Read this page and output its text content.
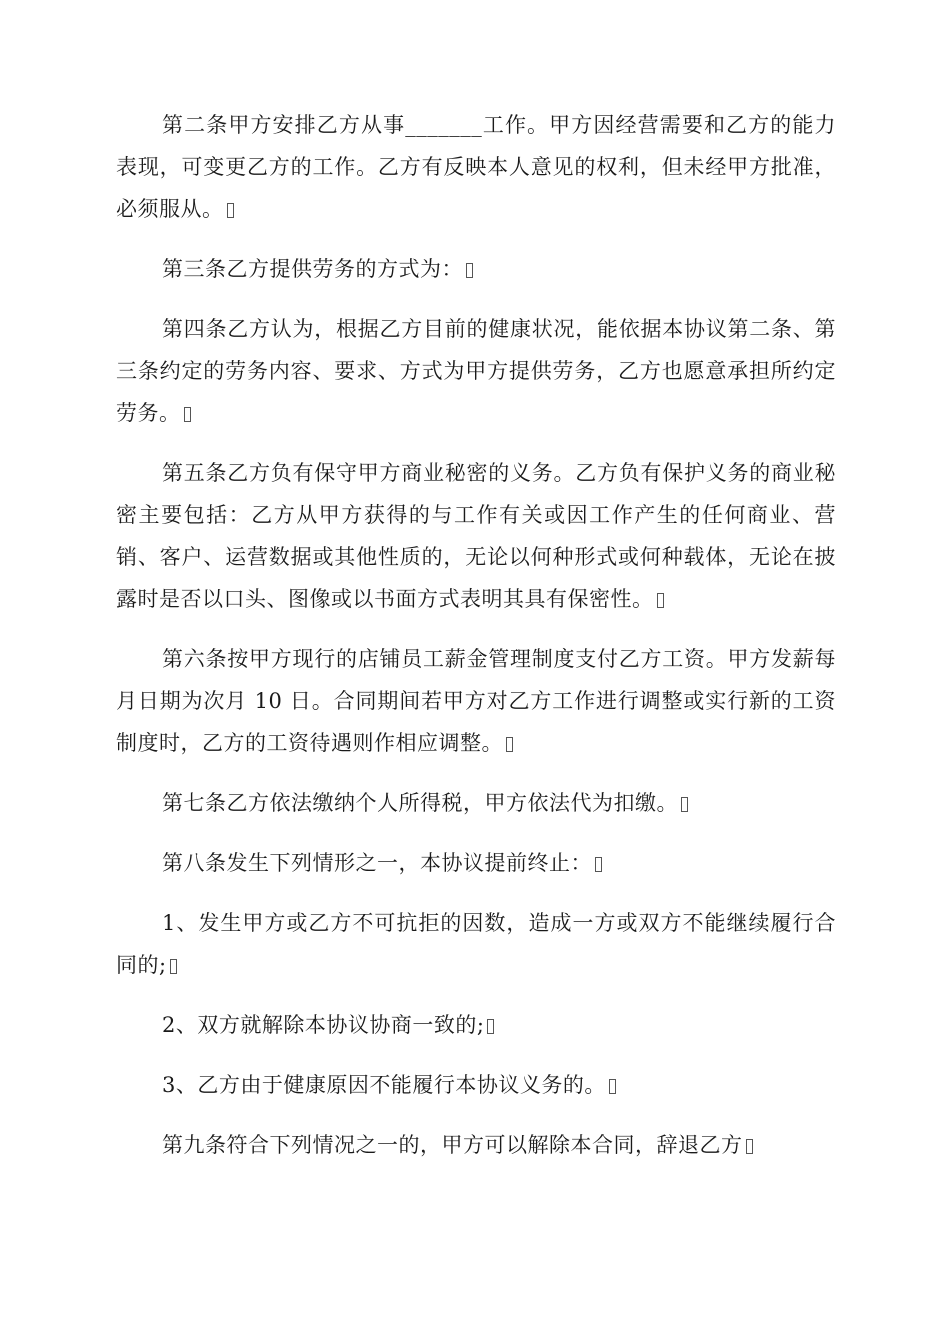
第二条甲方安排乙方从事_______工作。甲方因经营需要和乙方的能力表现，可变更乙方的工作。乙方有反映本人意见的权利，但未经甲方批准，必须服从。

第三条乙方提供劳务的方式为：

第四条乙方认为，根据乙方目前的健康状况，能依据本协议第二条、第三条约定的劳务内容、要求、方式为甲方提供劳务，乙方也愿意承担所约定劳务。

第五条乙方负有保守甲方商业秘密的义务。乙方负有保护义务的商业秘密主要包括：乙方从甲方获得的与工作有关或因工作产生的任何商业、营销、客户、运营数据或其他性质的，无论以何种形式或何种载体，无论在披露时是否以口头、图像或以书面方式表明其具有保密性。

第六条按甲方现行的店铺员工薪金管理制度支付乙方工资。甲方发薪每月日期为次月 10 日。合同期间若甲方对乙方工作进行调整或实行新的工资制度时，乙方的工资待遇则作相应调整。

第七条乙方依法缴纳个人所得税，甲方依法代为扣缴。

第八条发生下列情形之一，本协议提前终止：

1、发生甲方或乙方不可抗拒的因数，造成一方或双方不能继续履行合同的;

2、双方就解除本协议协商一致的;

3、乙方由于健康原因不能履行本协议义务的。

第九条符合下列情况之一的，甲方可以解除本合同，辞退乙方
